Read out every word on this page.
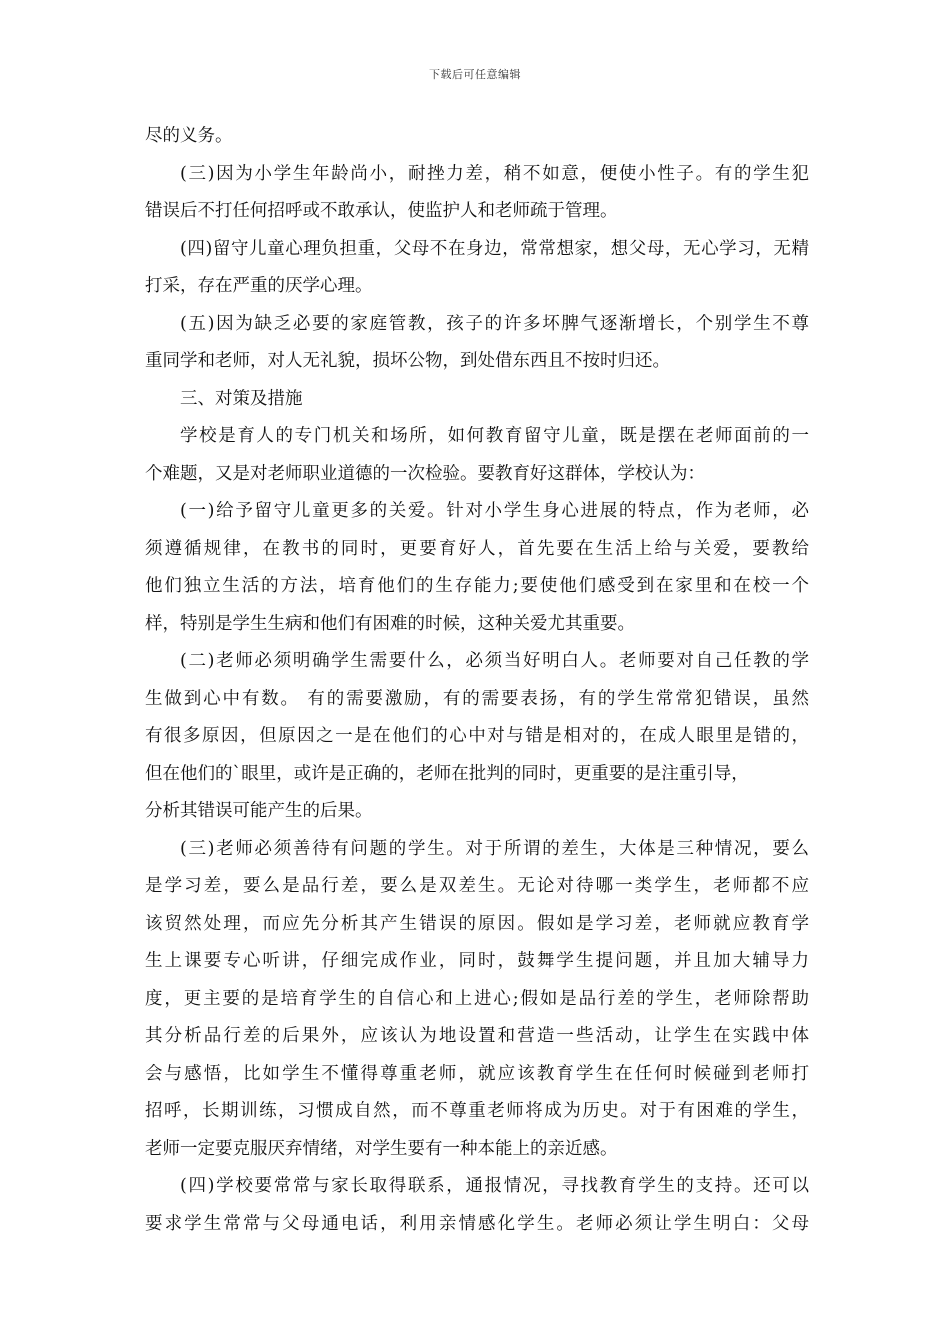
下载后可任意编辑
尽的义务。
(三)因为小学生年龄尚小，耐挫力差，稍不如意，便使小性子。有的学生犯
错误后不打任何招呼或不敢承认，使监护人和老师疏于管理。
(四)留守儿童心理负担重，父母不在身边，常常想家，想父母，无心学习，无精
打采，存在严重的厌学心理。
(五)因为缺乏必要的家庭管教，孩子的许多坏脾气逐渐增长，个别学生不尊
重同学和老师，对人无礼貌，损坏公物，到处借东西且不按时归还。
三、对策及措施
学校是育人的专门机关和场所，如何教育留守儿童，既是摆在老师面前的一
个难题，又是对老师职业道德的一次检验。要教育好这群体，学校认为：
(一)给予留守儿童更多的关爱。针对小学生身心进展的特点，作为老师，必
须遵循规律，在教书的同时，更要育好人，首先要在生活上给与关爱，要教给
他们独立生活的方法，培育他们的生存能力;要使他们感受到在家里和在校一个
样，特别是学生生病和他们有困难的时候，这种关爱尤其重要。
(二)老师必须明确学生需要什么，必须当好明白人。老师要对自己任教的学
生做到心中有数。 有的需要激励，有的需要表扬，有的学生常常犯错误，虽然
有很多原因，但原因之一是在他们的心中对与错是相对的，在成人眼里是错的，
但在他们的`眼里，或许是正确的，老师在批判的同时，更重要的是注重引导，
分析其错误可能产生的后果。
(三)老师必须善待有问题的学生。对于所谓的差生，大体是三种情况，要么
是学习差，要么是品行差，要么是双差生。无论对待哪一类学生，老师都不应
该贸然处理，而应先分析其产生错误的原因。假如是学习差，老师就应教育学
生上课要专心听讲，仔细完成作业，同时，鼓舞学生提问题，并且加大辅导力
度，更主要的是培育学生的自信心和上进心;假如是品行差的学生，老师除帮助
其分析品行差的后果外，应该认为地设置和营造一些活动，让学生在实践中体
会与感悟，比如学生不懂得尊重老师，就应该教育学生在任何时候碰到老师打
招呼，长期训练，习惯成自然，而不尊重老师将成为历史。对于有困难的学生，
老师一定要克服厌弃情绪，对学生要有一种本能上的亲近感。
(四)学校要常常与家长取得联系，通报情况，寻找教育学生的支持。还可以
要求学生常常与父母通电话，利用亲情感化学生。老师必须让学生明白：父母
